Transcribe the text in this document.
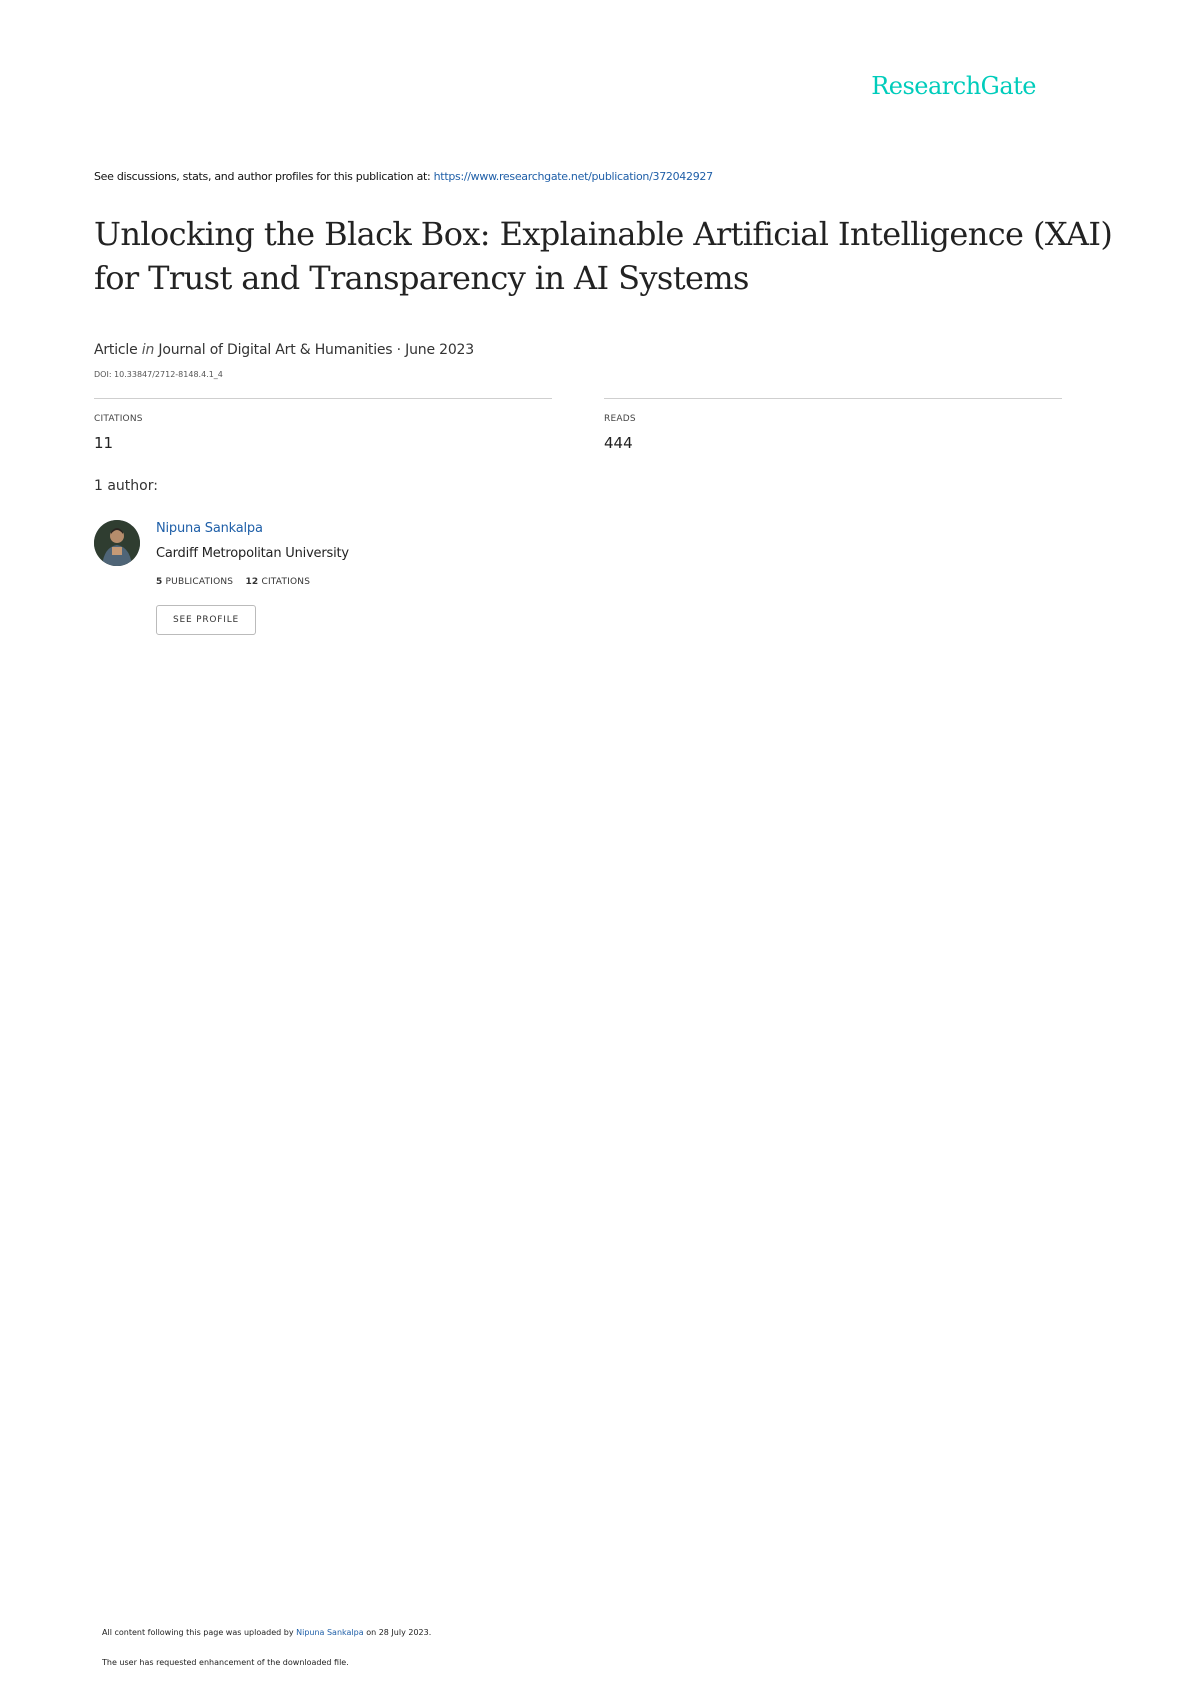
ResearchGate
See discussions, stats, and author profiles for this publication at: https://www.researchgate.net/publication/372042927
Unlocking the Black Box: Explainable Artificial Intelligence (XAI)
for Trust and Transparency in AI Systems
Article in Journal of Digital Art & Humanities · June 2023
DOI: 10.33847/2712-8148.4.1_4
CITATIONS
11
READS
444
1 author:
Nipuna Sankalpa
Cardiff Metropolitan University
5 PUBLICATIONS 12 CITATIONS
SEE PROFILE
All content following this page was uploaded by Nipuna Sankalpa on 28 July 2023.
The user has requested enhancement of the downloaded file.
